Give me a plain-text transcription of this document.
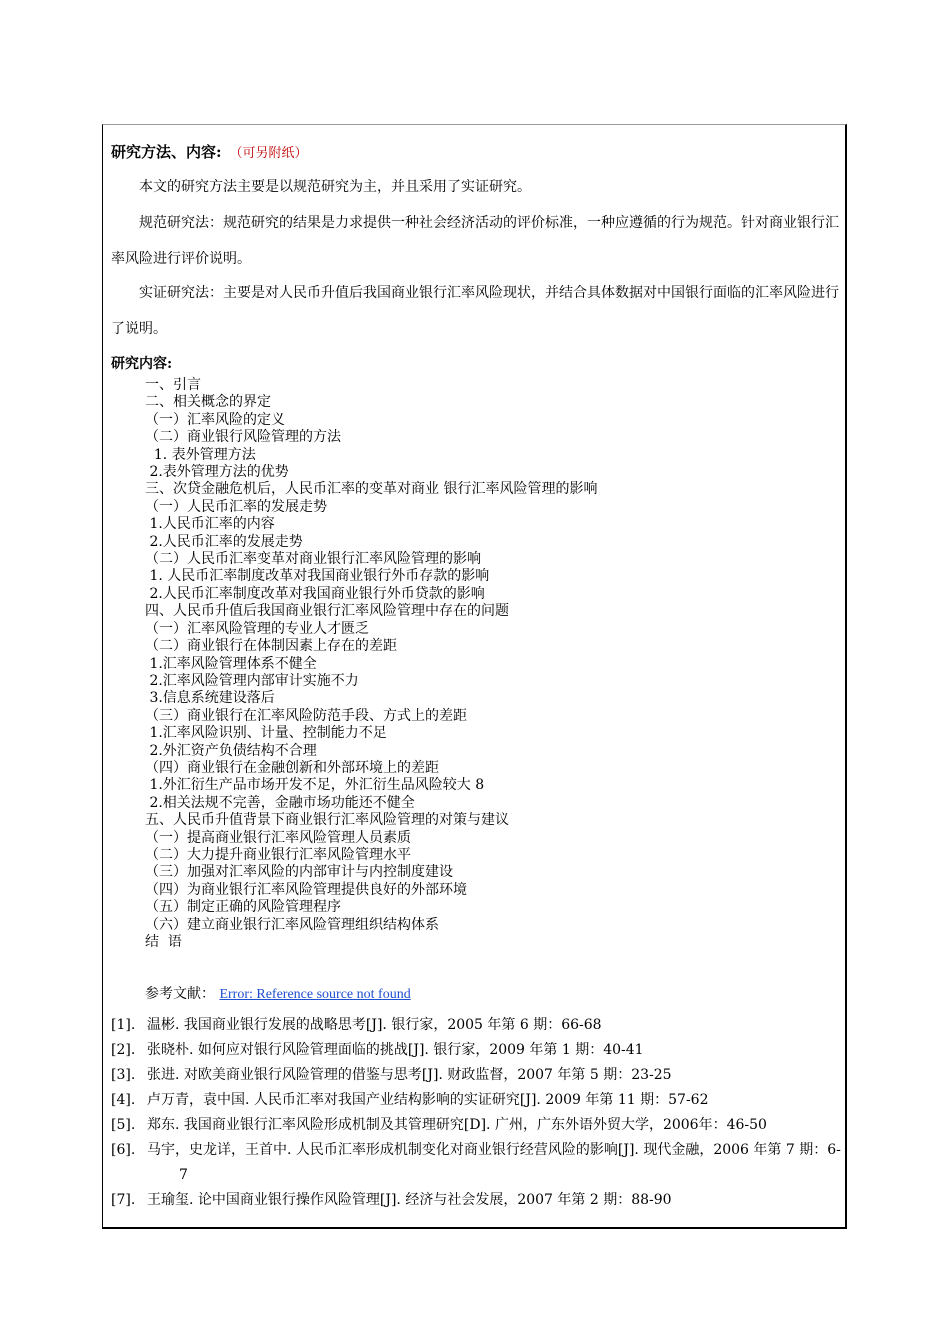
研究方法、内容: （可另附纸）
本文的研究方法主要是以规范研究为主，并且采用了实证研究。
规范研究法：规范研究的结果是力求提供一种社会经济活动的评价标准，一种应遵循的行为规范。针对商业银行汇率风险进行评价说明。
实证研究法：主要是对人民币升值后我国商业银行汇率风险现状，并结合具体数据对中国银行面临的汇率风险进行了说明。
研究内容:
一、引言
二、相关概念的界定
（一）汇率风险的定义
（二）商业银行风险管理的方法
1. 表外管理方法
2.表外管理方法的优势
三、次贷金融危机后，人民币汇率的变革对商业 银行汇率风险管理的影响
（一）人民币汇率的发展走势
1.人民币汇率的内容
2.人民币汇率的发展走势
（二）人民币汇率变革对商业银行汇率风险管理的影响
1. 人民币汇率制度改革对我国商业银行外币存款的影响
2.人民币汇率制度改革对我国商业银行外币贷款的影响
四、人民币升值后我国商业银行汇率风险管理中存在的问题
（一）汇率风险管理的专业人才匮乏
（二）商业银行在体制因素上存在的差距
1.汇率风险管理体系不健全
2.汇率风险管理内部审计实施不力
3.信息系统建设落后
（三）商业银行在汇率风险防范手段、方式上的差距
1.汇率风险识别、计量、控制能力不足
2.外汇资产负债结构不合理
（四）商业银行在金融创新和外部环境上的差距
1.外汇衍生产品市场开发不足，外汇衍生品风险较大 8
2.相关法规不完善，金融市场功能还不健全
五、人民币升值背景下商业银行汇率风险管理的对策与建议
（一）提高商业银行汇率风险管理人员素质
（二）大力提升商业银行汇率风险管理水平
（三）加强对汇率风险的内部审计与内控制度建设
（四）为商业银行汇率风险管理提供良好的外部环境
（五）制定正确的风险管理程序
（六）建立商业银行汇率风险管理组织结构体系
结  语
参考文献： Error: Reference source not found
[1]. 温彬. 我国商业银行发展的战略思考[J]. 银行家，2005 年第 6 期：66-68
[2]. 张晓朴. 如何应对银行风险管理面临的挑战[J]. 银行家，2009 年第 1 期：40-41
[3]. 张进. 对欧美商业银行风险管理的借鉴与思考[J]. 财政监督，2007 年第 5 期：23-25
[4]. 卢万青，袁中国. 人民币汇率对我国产业结构影响的实证研究[J]. 2009 年第 11 期：57-62
[5]. 郑东. 我国商业银行汇率风险形成机制及其管理研究[D]. 广州，广东外语外贸大学，2006年：46-50
[6]. 马宇，史龙详，王首中. 人民币汇率形成机制变化对商业银行经营风险的影响[J]. 现代金融，2006 年第 7 期：6-7
[7]. 王瑜玺. 论中国商业银行操作风险管理[J]. 经济与社会发展，2007 年第 2 期：88-90
